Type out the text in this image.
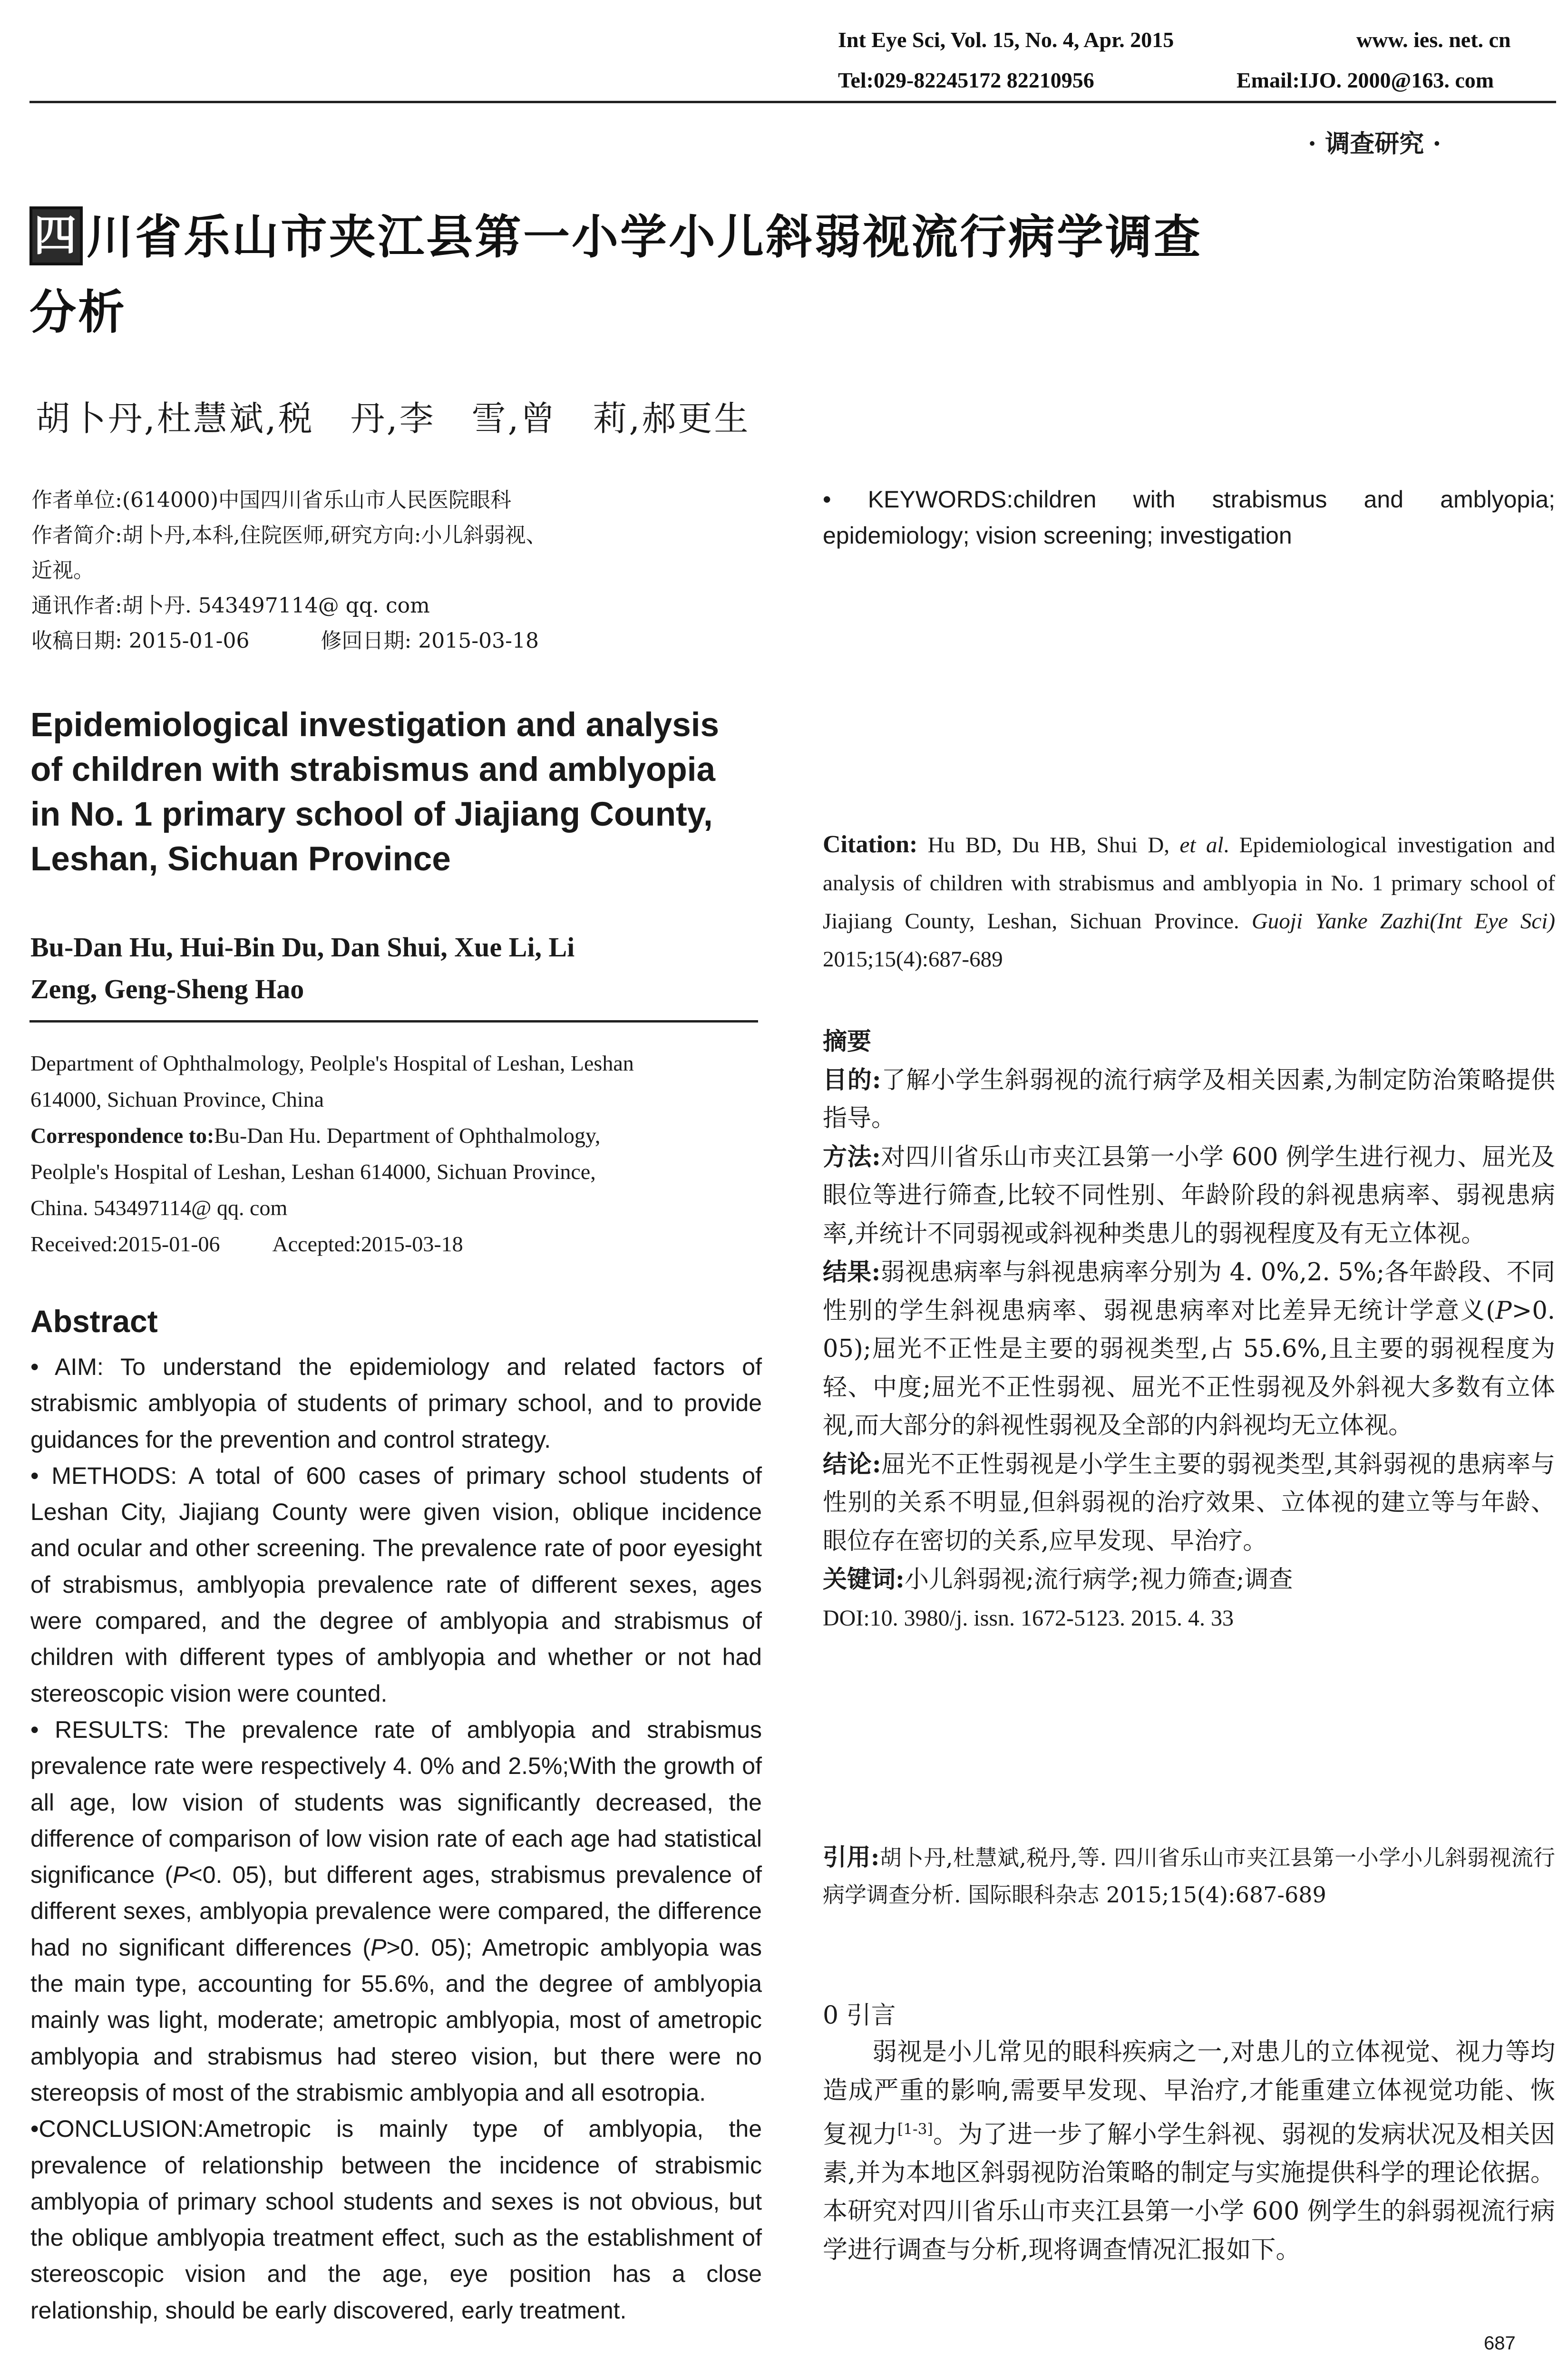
Int Eye Sci, Vol. 15, No. 4, Apr. 2015	www. ies. net. cn
Tel:029-82245172 82210956	Email:IJO. 2000@163. com
· 调查研究 ·
四 川省乐山市夹江县第一小学小儿斜弱视流行病学调查
分析
胡卜丹,杜慧斌,税　丹,李　雪,曾　莉,郝更生
作者单位:(614000)中国四川省乐山市人民医院眼科
作者简介:胡卜丹,本科,住院医师,研究方向:小儿斜弱视、
近视。
通讯作者:胡卜丹. 543497114@ qq. com
收稿日期: 2015-01-06	修回日期: 2015-03-18
Epidemiological investigation and analysis
of children with strabismus and amblyopia
in No. 1 primary school of Jiajiang County,
Leshan, Sichuan Province
Bu-Dan Hu, Hui-Bin Du, Dan Shui, Xue Li, Li
Zeng, Geng-Sheng Hao
Department of Ophthalmology, Peolple's Hospital of Leshan, Leshan
614000, Sichuan Province, China
Correspondence to:Bu-Dan Hu. Department of Ophthalmology,
Peolple's Hospital of Leshan, Leshan 614000, Sichuan Province,
China. 543497114@ qq. com
Received:2015-01-06 Accepted:2015-03-18
Abstract

• AIM: To understand the epidemiology and related factors of strabismic amblyopia of students of primary school, and to provide guidances for the prevention and control strategy.

• METHODS: A total of 600 cases of primary school students of Leshan City, Jiajiang County were given vision, oblique incidence and ocular and other screening. The prevalence rate of poor eyesight of strabismus, amblyopia prevalence rate of different sexes, ages were compared, and the degree of amblyopia and strabismus of children with different types of amblyopia and whether or not had stereoscopic vision were counted.

• RESULTS: The prevalence rate of amblyopia and strabismus prevalence rate were respectively 4. 0% and 2.5%;With the growth of all age, low vision of students was significantly decreased, the difference of comparison of low vision rate of each age had statistical significance (P<0. 05), but different ages, strabismus prevalence of different sexes, amblyopia prevalence were compared, the difference had no significant differences (P>0. 05); Ametropic amblyopia was the main type, accounting for 55.6%, and the degree of amblyopia mainly was light, moderate; ametropic amblyopia, most of ametropic amblyopia and strabismus had stereo vision, but there were no stereopsis of most of the strabismic amblyopia and all esotropia.

•CONCLUSION:Ametropic is mainly type of amblyopia, the prevalence of relationship between the incidence of strabismic amblyopia of primary school students and sexes is not obvious, but the oblique amblyopia treatment effect, such as the establishment of stereoscopic vision and the age, eye position has a close relationship, should be early discovered, early treatment.

• KEYWORDS:children with strabismus and amblyopia; epidemiology; vision screening; investigation

Citation: Hu BD, Du HB, Shui D, et al. Epidemiological investigation and analysis of children with strabismus and amblyopia in No. 1 primary school of Jiajiang County, Leshan, Sichuan Province. Guoji Yanke Zazhi(Int Eye Sci) 2015;15(4):687-689
摘要

目的:了解小学生斜弱视的流行病学及相关因素,为制定防治策略提供指导。

方法:对四川省乐山市夹江县第一小学 600 例学生进行视力、屈光及眼位等进行筛查,比较不同性别、年龄阶段的斜视患病率、弱视患病率,并统计不同弱视或斜视种类患儿的弱视程度及有无立体视。

结果:弱视患病率与斜视患病率分别为 4. 0%,2. 5%;各年龄段、不同性别的学生斜视患病率、弱视患病率对比差异无统计学意义(P>0. 05);屈光不正性是主要的弱视类型,占 55.6%,且主要的弱视程度为轻、中度;屈光不正性弱视、屈光不正性弱视及外斜视大多数有立体视,而大部分的斜视性弱视及全部的内斜视均无立体视。

结论:屈光不正性弱视是小学生主要的弱视类型,其斜弱视的患病率与性别的关系不明显,但斜弱视的治疗效果、立体视的建立等与年龄、眼位存在密切的关系,应早发现、早治疗。

关键词:小儿斜弱视;流行病学;视力筛查;调查

DOI:10. 3980/j. issn. 1672-5123. 2015. 4. 33

引用:胡卜丹,杜慧斌,税丹,等. 四川省乐山市夹江县第一小学小儿斜弱视流行病学调查分析. 国际眼科杂志 2015;15(4):687-689
0 引言
弱视是小儿常见的眼科疾病之一,对患儿的立体视觉、视力等均造成严重的影响,需要早发现、早治疗,才能重建立体视觉功能、恢复视力[1-3]。为了进一步了解小学生斜视、弱视的发病状况及相关因素,并为本地区斜弱视防治策略的制定与实施提供科学的理论依据。本研究对四川省乐山市夹江县第一小学 600 例学生的斜弱视流行病学进行调查与分析,现将调查情况汇报如下。
687
